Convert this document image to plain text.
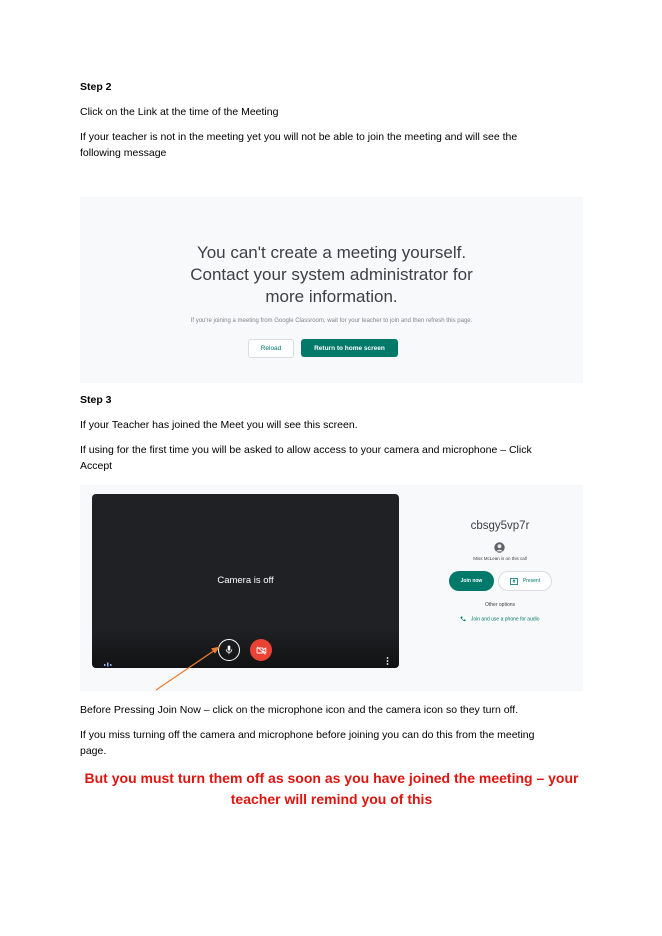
Step 2
Click on the Link at the time of the Meeting
If your teacher is not in the meeting yet you will not be able to join the meeting and will see the
following message
You can't create a meeting yourself.
Contact your system administrator for
more information.
If you're joining a meeting from Google Classroom, wait for your teacher to join and then refresh this page.
Reload	Return to home screen
Step 3
If your Teacher has joined the Meet you will see this screen.
If using for the first time you will be asked to allow access to your camera and microphone – Click
Accept
Camera is off
cbsgy5vp7r
Miss McLean is on this call
Join now	Present
Other options
Join and use a phone for audio
Before Pressing Join Now – click on the microphone icon and the camera icon so they turn off.
If you miss turning off the camera and microphone before joining you can do this from the meeting
page.
But you must turn them off as soon as you have joined the meeting – your
teacher will remind you of this
